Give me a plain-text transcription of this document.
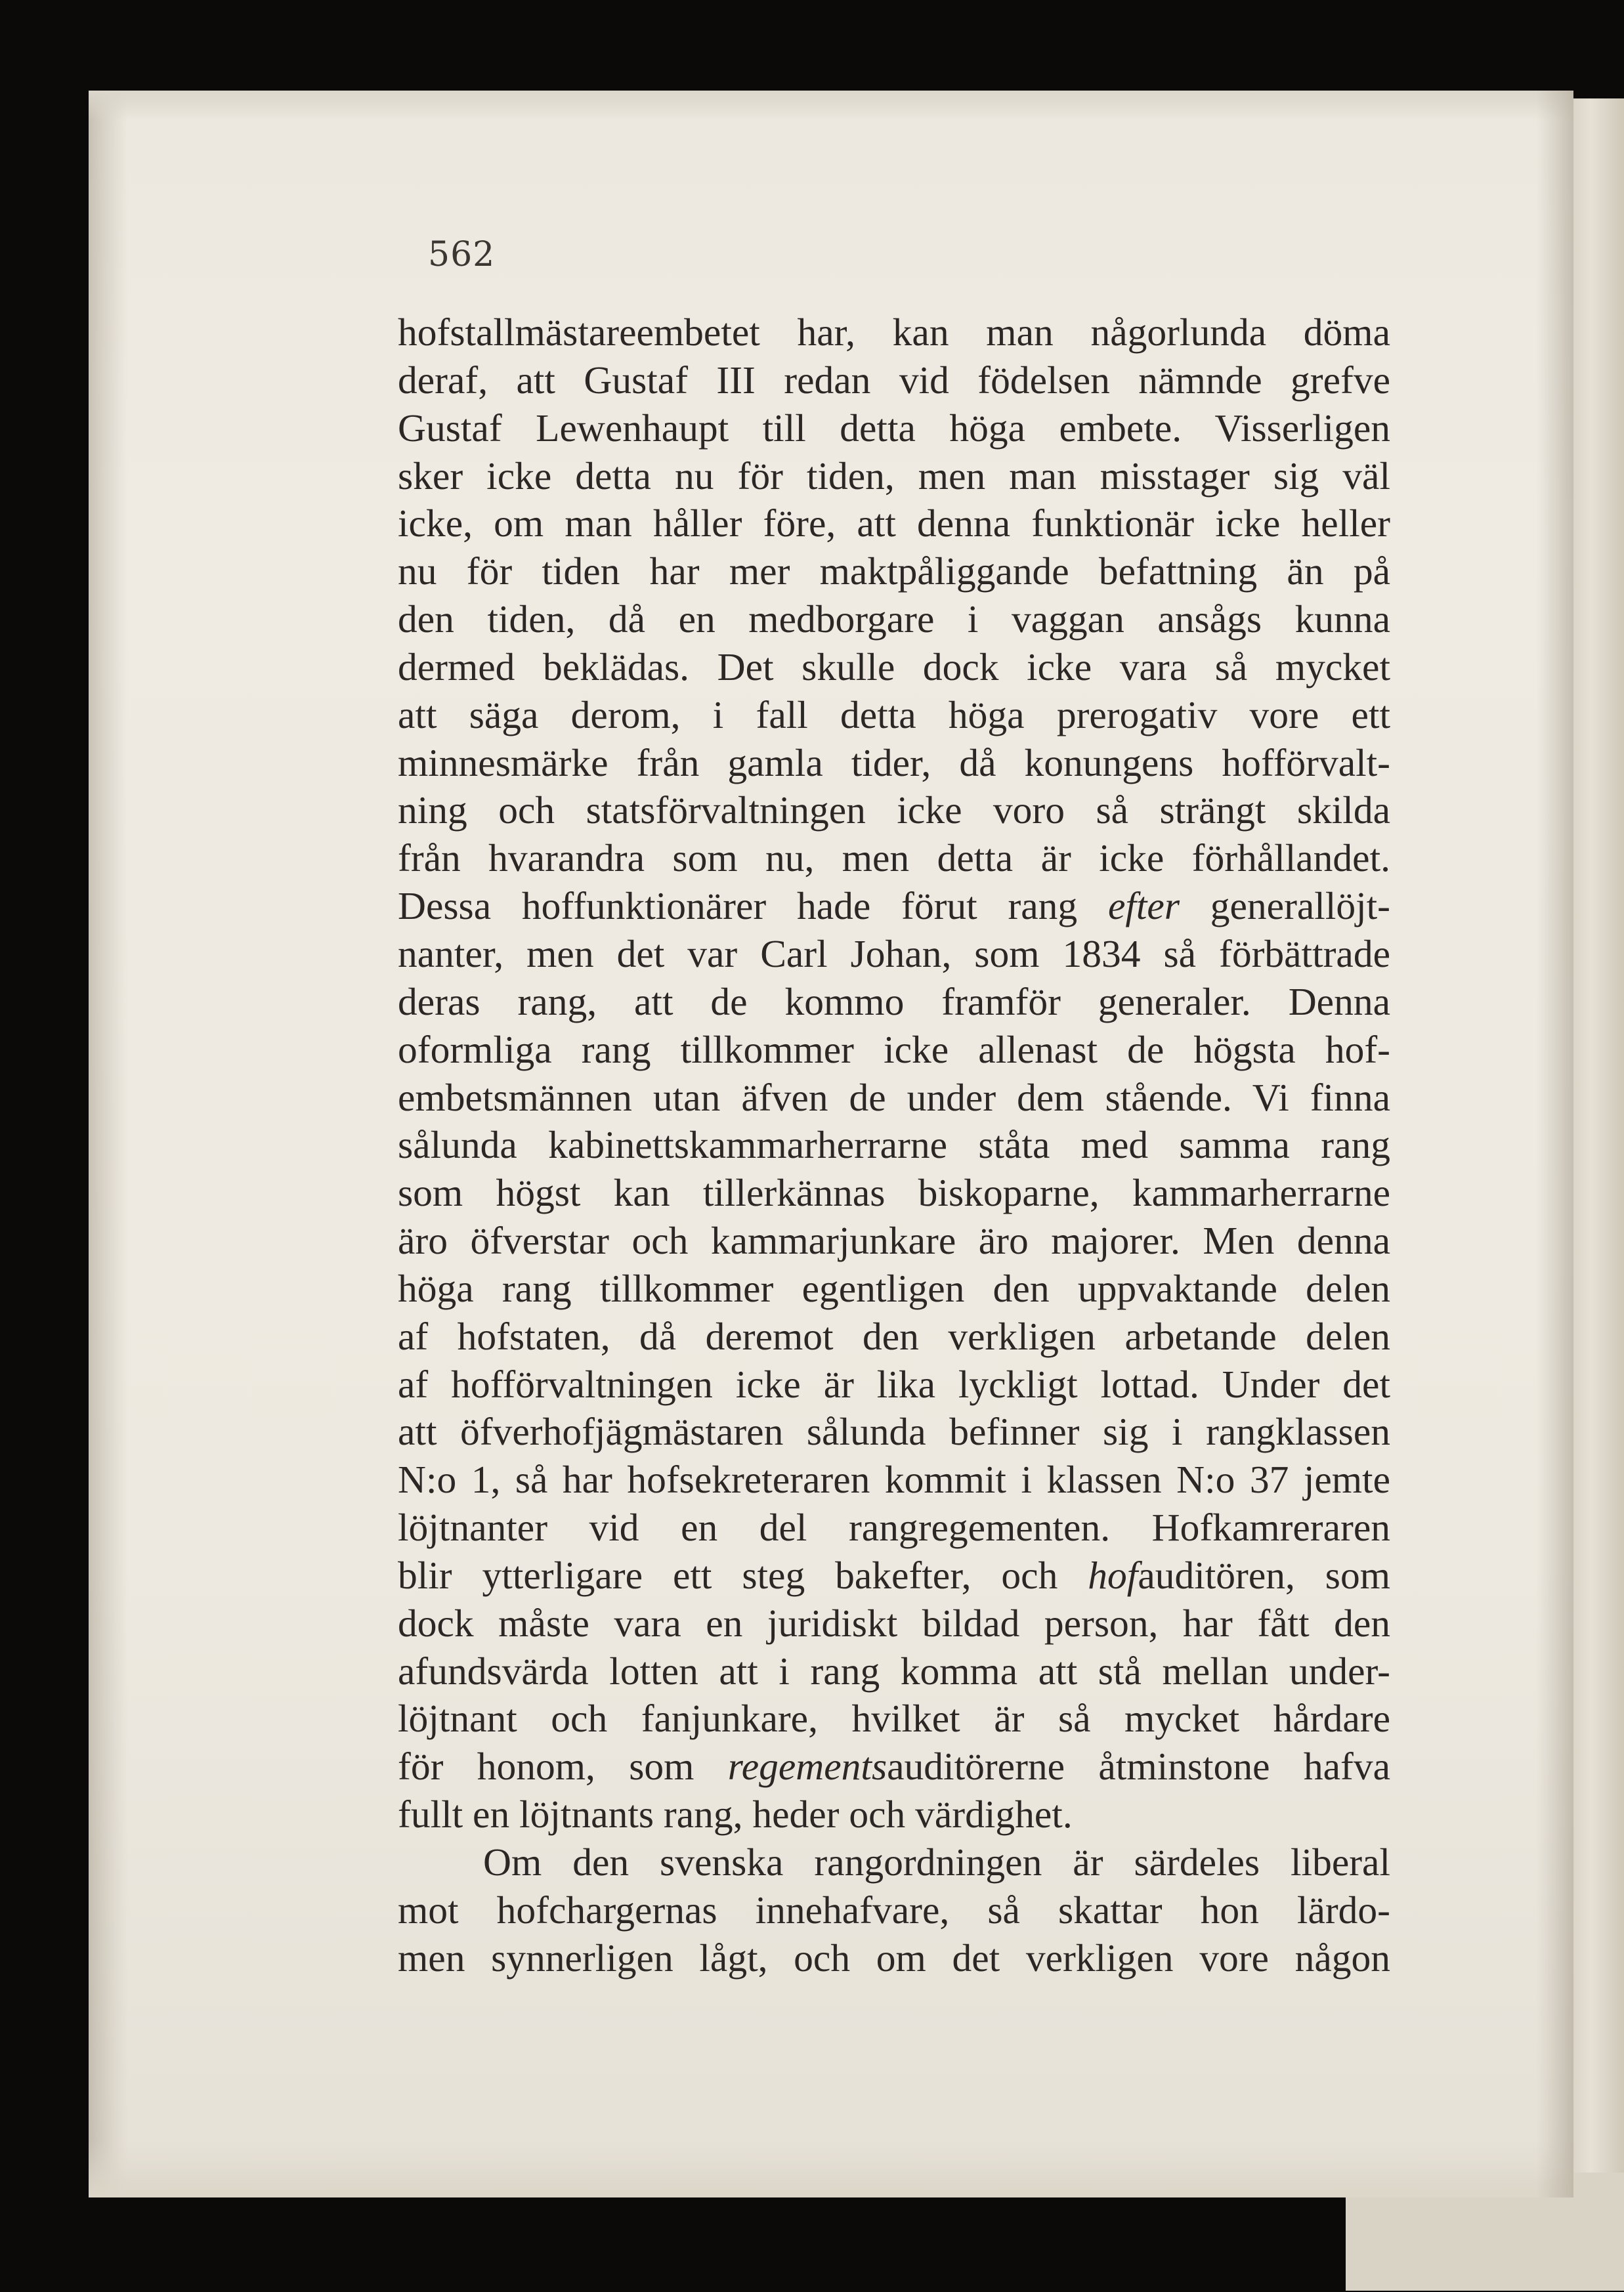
562
hofstallmästareembetet har, kan man någorlunda döma
deraf, att Gustaf III redan vid födelsen nämnde grefve
Gustaf Lewenhaupt till detta höga embete. Visserligen
sker icke detta nu för tiden, men man misstager sig väl
icke, om man håller före, att denna funktionär icke heller
nu för tiden har mer maktpåliggande befattning än på
den tiden, då en medborgare i vaggan ansågs kunna
dermed beklädas. Det skulle dock icke vara så mycket
att säga derom, i fall detta höga prerogativ vore ett
minnesmärke från gamla tider, då konungens hofförvalt-
ning och statsförvaltningen icke voro så strängt skilda
från hvarandra som nu, men detta är icke förhållandet.
Dessa hoffunktionärer hade förut rang efter generallöjt-
nanter, men det var Carl Johan, som 1834 så förbättrade
deras rang, att de kommo framför generaler. Denna
oformliga rang tillkommer icke allenast de högsta hof-
embetsmännen utan äfven de under dem stående. Vi finna
sålunda kabinettskammarherrarne ståta med samma rang
som högst kan tillerkännas biskoparne, kammarherrarne
äro öfverstar och kammarjunkare äro majorer. Men denna
höga rang tillkommer egentligen den uppvaktande delen
af hofstaten, då deremot den verkligen arbetande delen
af hofförvaltningen icke är lika lyckligt lottad. Under det
att öfverhofjägmästaren sålunda befinner sig i rangklassen
N:o 1, så har hofsekreteraren kommit i klassen N:o 37 jemte
löjtnanter vid en del rangregementen. Hofkamreraren
blir ytterligare ett steg bakefter, och hofauditören, som
dock måste vara en juridiskt bildad person, har fått den
afundsvärda lotten att i rang komma att stå mellan under-
löjtnant och fanjunkare, hvilket är så mycket hårdare
för honom, som regementsauditörerne åtminstone hafva
fullt en löjtnants rang, heder och värdighet.
Om den svenska rangordningen är särdeles liberal
mot hofchargernas innehafvare, så skattar hon lärdo-
men synnerligen lågt, och om det verkligen vore någon
